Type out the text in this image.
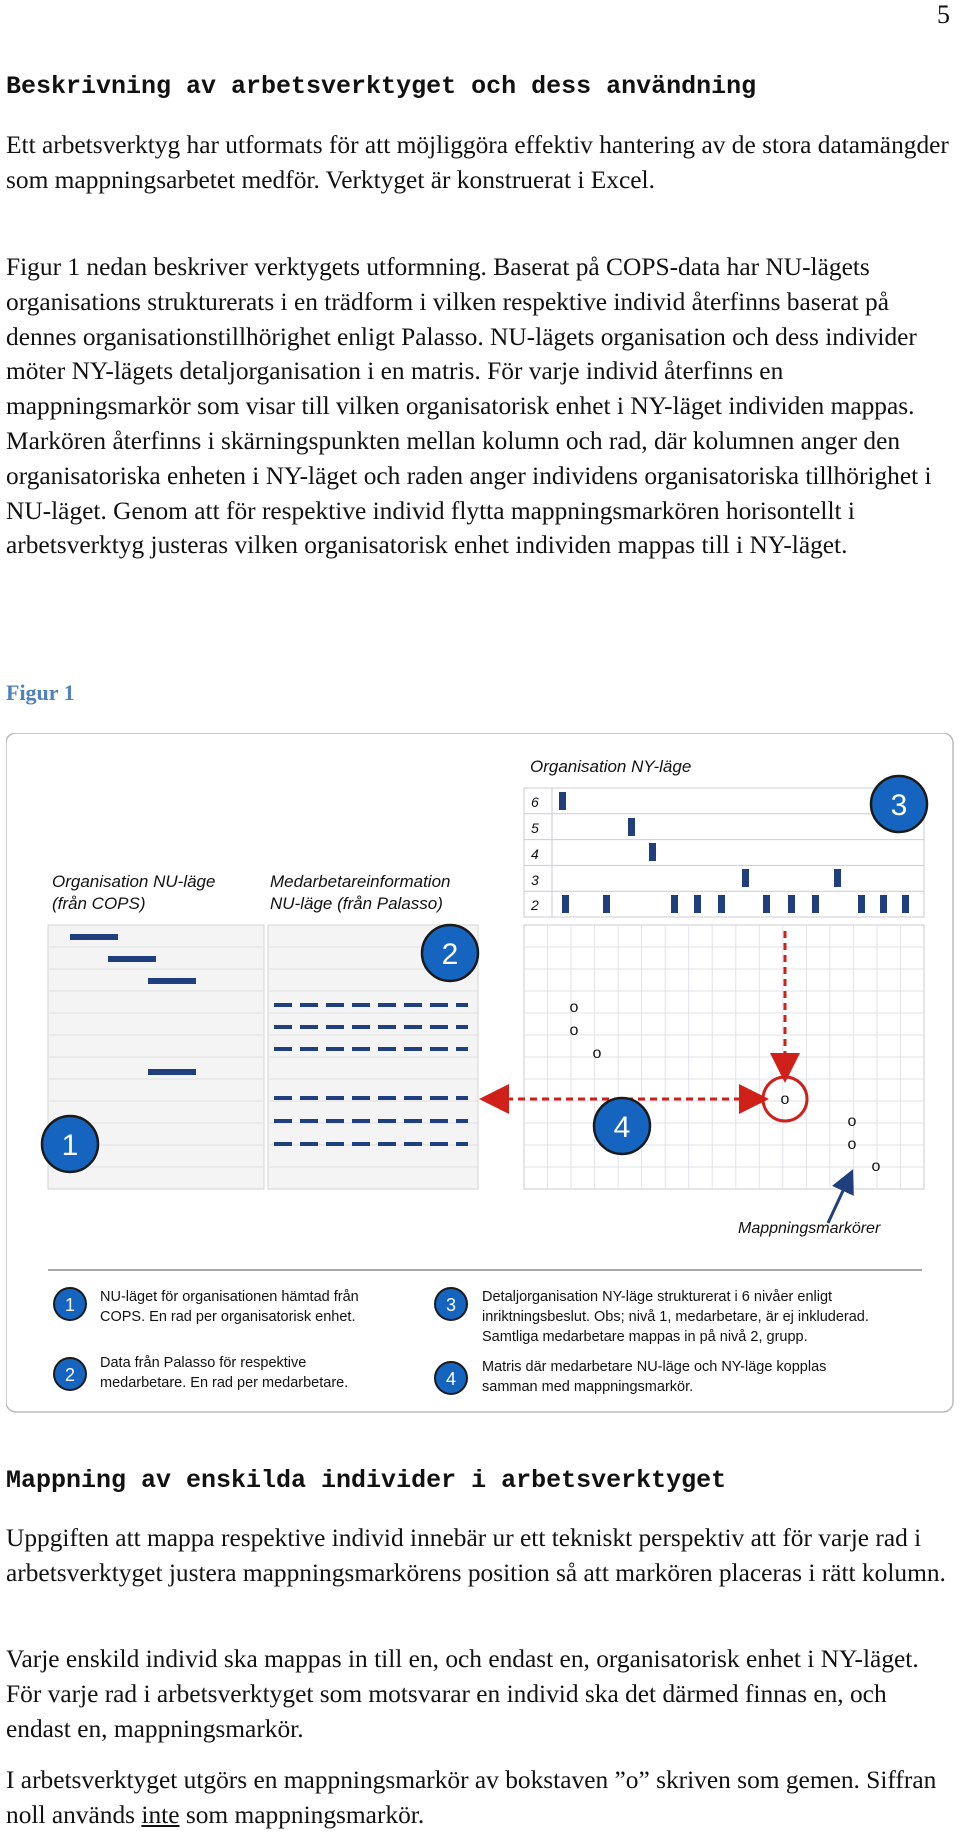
5
Beskrivning av arbetsverktyget och dess användning

Ett arbetsverktyg har utformats för att möjliggöra effektiv hantering av de stora datamängder som mappningsarbetet medför. Verktyget är konstruerat i Excel.

Figur 1 nedan beskriver verktygets utformning. Baserat på COPS-data har NU-lägets organisations strukturerats i en trädform i vilken respektive individ återfinns baserat på dennes organisationstillhörighet enligt Palasso. NU-lägets organisation och dess individer möter NY-lägets detaljorganisation i en matris. För varje individ återfinns en mappningsmarkör som visar till vilken organisatorisk enhet i NY-läget individen mappas. Markören återfinns i skärningspunkten mellan kolumn och rad, där kolumnen anger den organisatoriska enheten i NY-läget och raden anger individens organisatoriska tillhörighet i NU-läget. Genom att för respektive individ flytta mappningsmarkören horisontellt i arbetsverktyg justeras vilken organisatorisk enhet individen mappas till i NY-läget.

Figur 1
Organisation NY-läge
Organisation NU-läge
(från COPS)
Medarbetareinformation
NU-läge (från Palasso)
6
5
4
3
2
3
1
2
o
o
o
o
o
o
o
4
Mappningsmarkörer
1 NU-läget för organisationen hämtad från
COPS. En rad per organisatorisk enhet.
2
Data från Palasso för respektive
medarbetare. En rad per medarbetare.
3 Detaljorganisation NY-läge strukturerat i 6 nivåer enligt
inriktningsbeslut. Obs; nivå 1, medarbetare, är ej inkluderad.
Samtliga medarbetare mappas in på nivå 2, grupp.
4
Matris där medarbetare NU-läge och NY-läge kopplas
samman med mappningsmarkör.
Mappning av enskilda individer i arbetsverktyget

Uppgiften att mappa respektive individ innebär ur ett tekniskt perspektiv att för varje rad i arbetsverktyget justera mappningsmarkörens position så att markören placeras i rätt kolumn.

Varje enskild individ ska mappas in till en, och endast en, organisatorisk enhet i NY-läget. För varje rad i arbetsverktyget som motsvarar en individ ska det därmed finnas en, och endast en, mappningsmarkör.

I arbetsverktyget utgörs en mappningsmarkör av bokstaven ”o” skriven som gemen. Siffran noll används inte som mappningsmarkör.
